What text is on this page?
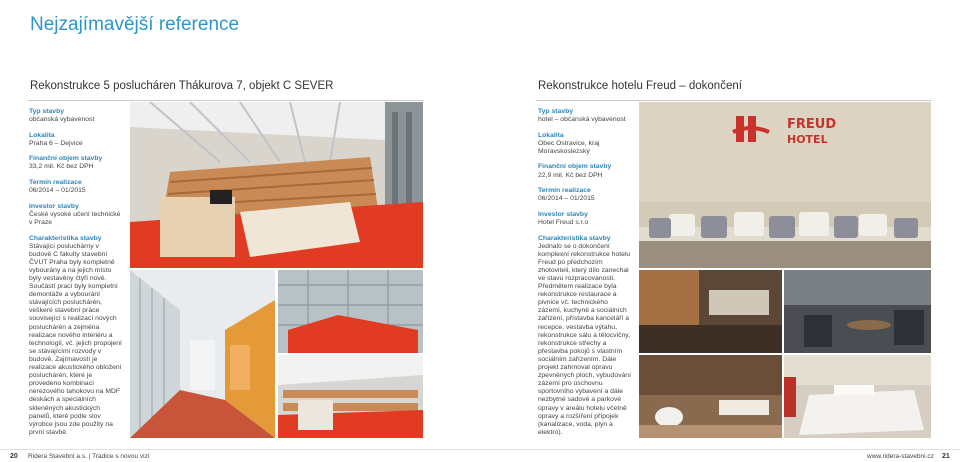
Nejzajímavější reference
Rekonstrukce 5 poslucháren Thákurova 7, objekt C SEVER	Rekonstrukce hotelu Freud – dokončení
Typ stavby
občanská vybavenost
Lokalita
Praha 6 – Dejvice
Finanční objem stavby
33,2 mil. Kč bez DPH
Termín realizace
06/2014 – 01/2015
Investor stavby
České vysoké učení technické v Praze
Charakteristika stavby
Stávající posluchárny v budově C fakulty stavební ČVUT Praha byly kompletně vybourány a na jejich místo byly vestavěny čtyři nové. Součástí prací byly kompletní demontáže a vybourání stávajících posluchárén, veškeré stavební práce související s realizací nových posluchárén a zejména realizace nového interiéru a technologií, vč. jejich propojení se stávajícími rozvody v budově. Zajímavostí je realizace akustického obložení posluchárén, které je provedeno kombinací nerezového tahokovu na MDF deskách a speciálních skleněných akustických panelů, které podle slov výrobce jsou zde použity na první stavbě.
Typ stavby
hotel – občanská vybavenost
Lokalita
Obec Ostravice, kraj Moravskoslezský
Finanční objem stavby
22,9 mil. Kč bez DPH
Termín realizace
06/2014 – 01/2015
Investor stavby
Hotel Freud s.r.o
Charakteristika stavby
Jednalo se o dokončení komplexní rekonstrukce hotelu Freud po předchozím zhotoviteli, který dílo zanechal ve stavu rozpracovanosti. Předmětem realizace byla rekonstrukce restaurace a pivnice vč. technického zázemí, kuchyně a sociálních zařízení, přístavba kanceláří a recepce, vestavba výtahu, rekonstrukce sálu a tělocvičny, rekonstrukce střechy a přestavba pokojů s vlastním sociálním zařízením. Dále projekt zahrnoval opravu zpevněných ploch, vybudování zázemí pro úschovnu sportovního vybavení a dále nezbytné sadové a parkové úpravy v areálu hotelu včetně opravy a rozšíření přípojek (kanalizace, voda, plyn a elektro).
FREUD
HOTEL
20 Ridera Stavební a.s. | Tradice s novou vizí	www.ridera-stavebni.cz 21
